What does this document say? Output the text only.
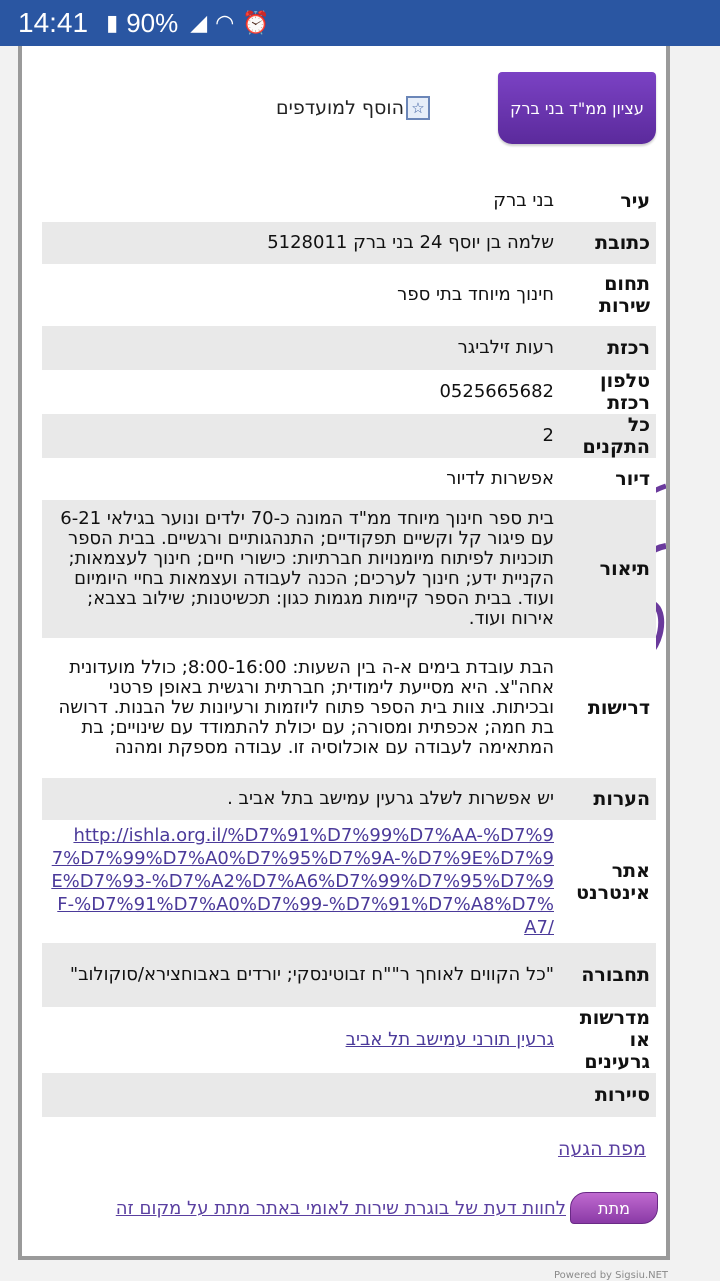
14:41 ▮ 90% ◢ ◠ ⏰
עציון ממ"ד בני ברק
☆
הוסף למועדפים
עיר	בני ברק
כתובת	שלמה בן יוסף 24 בני ברק 5128011
תחום שירות	חינוך מיוחד בתי ספר
רכזת	רעות זילביגר
טלפון רכזת	0525665682
כל התקנים	2
דיור	אפשרות לדיור
תיאור	בית ספר חינוך מיוחד ממ"ד המונה כ-70 ילדים ונוער בגילאי 6-21 עם פיגור קל וקשיים תפקודיים; התנהגותיים ורגשיים. בבית הספר תוכניות לפיתוח מיומנויות חברתיות: כישורי חיים; חינוך לעצמאות; הקניית ידע; חינוך לערכים; הכנה לעבודה ועצמאות בחיי היומיום ועוד. בבית הספר קיימות מגמות כגון: תכשיטנות; שילוב בצבא; אירוח ועוד.
דרישות	הבת עובדת בימים א-ה בין השעות: 8:00-16:00; כולל מועדונית אחה"צ. היא מסייעת לימודית; חברתית ורגשית באופן פרטני ובכיתות. צוות בית הספר פתוח ליוזמות ורעיונות של הבנות. דרושה בת חמה; אכפתית ומסורה; עם יכולת להתמודד עם שינויים; בת המתאימה לעבודה עם אוכלוסיה זו. עבודה מספקת ומהנה
הערות	יש אפשרות לשלב גרעין עמישב בתל אביב .
אתר אינטרנט	http://ishla.org.il/%D7%91%D7%99%D7%AA-%D7%97%D7%99%D7%A0%D7%95%D7%9A-%D7%9E%D7%9E%D7%93-%D7%A2%D7%A6%D7%99%D7%95%D7%9F-%D7%91%D7%A0%D7%99-%D7%91%D7%A8%D7%A7/

תחבורה	"כל הקווים לאוחך ר""ח זבוטינסקי; יורדים באבוחצירא/סוקולוב"
מדרשות או גרעינים	גרעין תורני עמישב תל אביב
סיירות	
מפת הגעה
מתת
לחוות דעת של בוגרת שירות לאומי באתר מתת על מקום זה
Powered by Sigsiu.NET
